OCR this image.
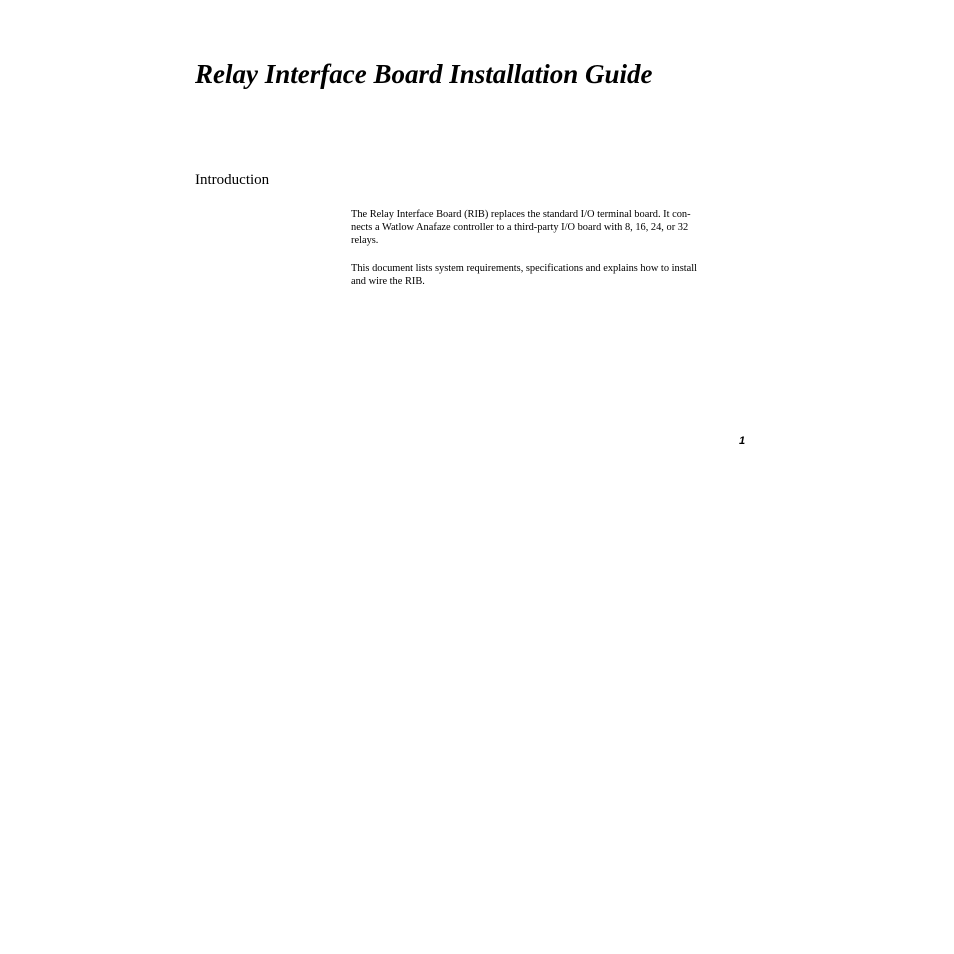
Relay Interface Board Installation Guide
Introduction

The Relay Interface Board (RIB) replaces the standard I/O terminal board. It con-
nects a Watlow Anafaze controller to a third-party I/O board with 8, 16, 24, or 32
relays.

This document lists system requirements, specifications and explains how to install
and wire the RIB.

1
